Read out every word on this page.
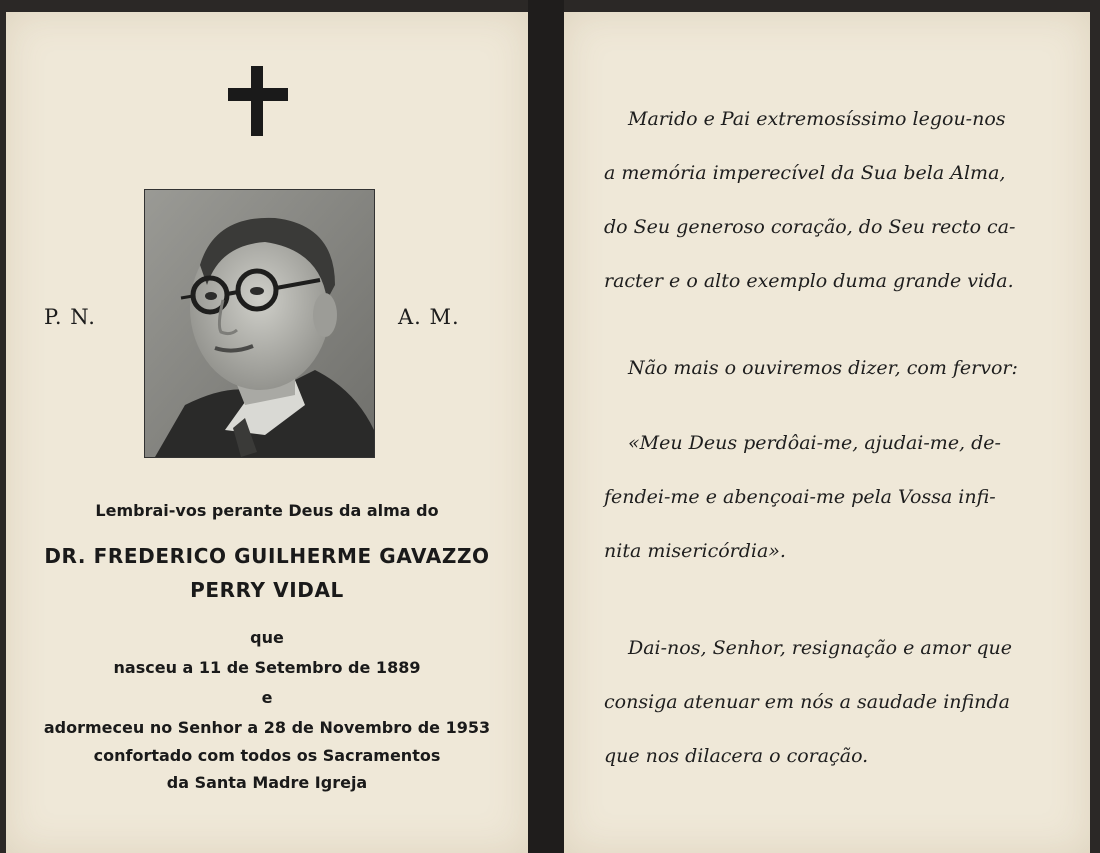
P. N.	A. M.
Lembrai-vos perante Deus da alma do
DR. FREDERICO GUILHERME GAVAZZO
PERRY VIDAL
que
nasceu a 11 de Setembro de 1889
e
adormeceu no Senhor a 28 de Novembro de 1953
confortado com todos os Sacramentos
da Santa Madre Igreja

Marido e Pai extremosíssimo legou-nos

a memória imperecível da Sua bela Alma,

do Seu generoso coração, do Seu recto ca-

racter e o alto exemplo duma grande vida.

Não mais o ouviremos dizer, com fervor:

«Meu Deus perdôai-me, ajudai-me, de-

fendei-me e abençoai-me pela Vossa infi-

nita misericórdia».

Dai-nos, Senhor, resignação e amor que

consiga atenuar em nós a saudade infinda

que nos dilacera o coração.
